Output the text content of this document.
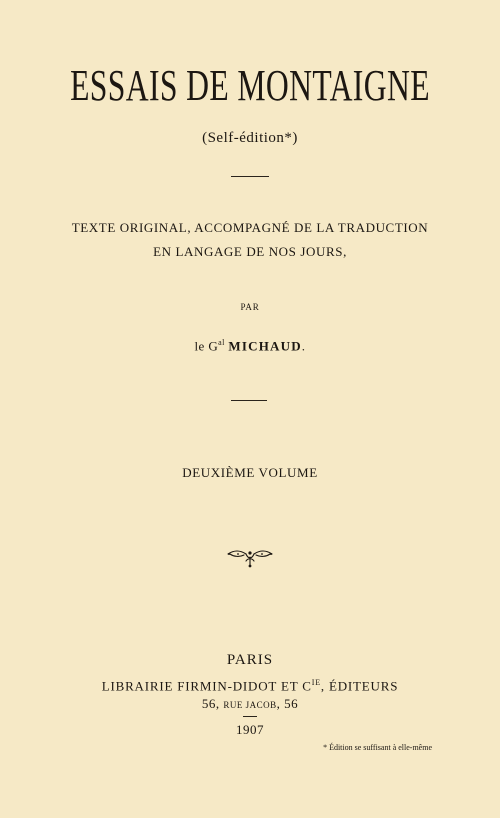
ESSAIS DE MONTAIGNE
(Self-édition*)
TEXTE ORIGINAL, ACCOMPAGNÉ DE LA TRADUCTION
EN LANGAGE DE NOS JOURS,
PAR
le $G^{al}$ MICHAUD.
DEUXIÈME VOLUME
PARIS
LIBRAIRIE FIRMIN-DIDOT ET $C^{IE}$, ÉDITEURS
56, RUE JACOB, 56
1907
* Édition se suffisant à elle-même
